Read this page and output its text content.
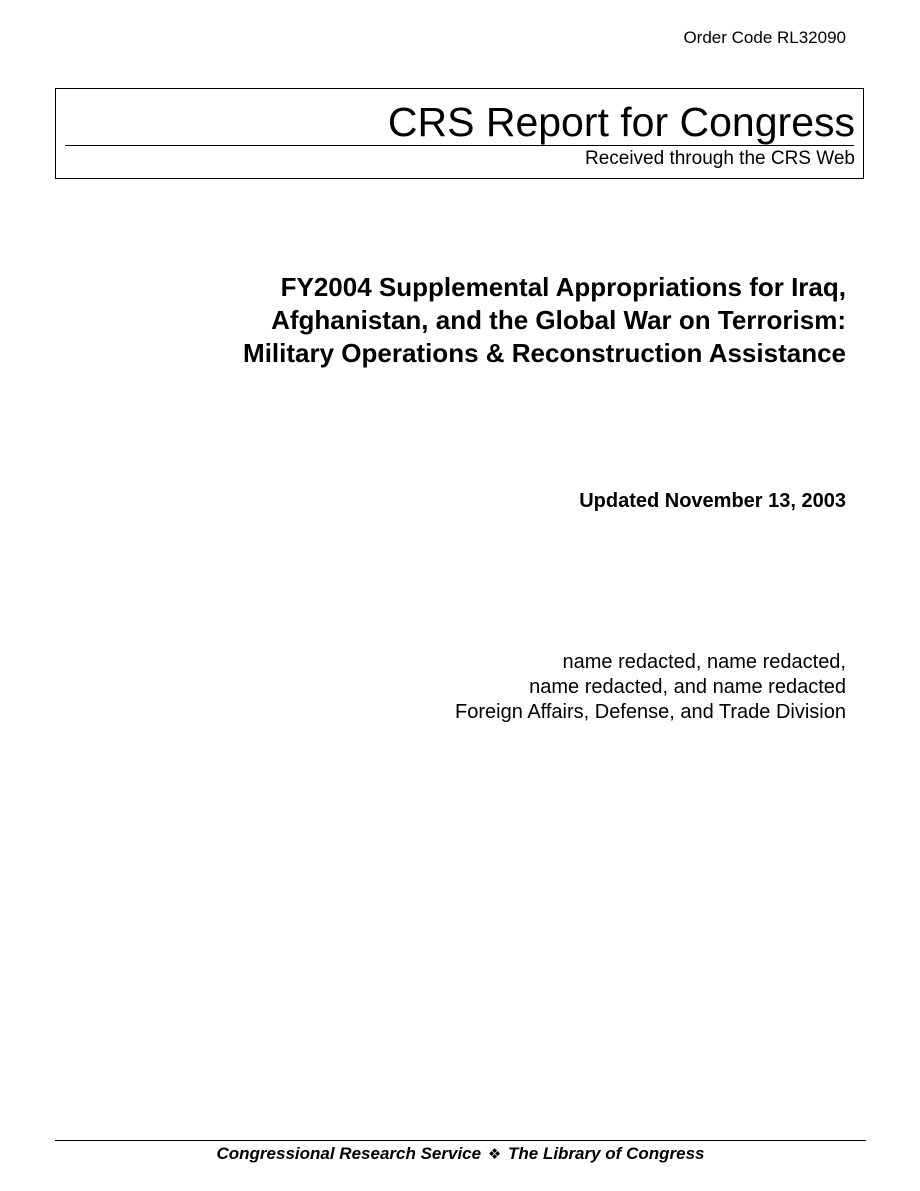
Order Code RL32090
CRS Report for Congress
Received through the CRS Web
FY2004 Supplemental Appropriations for Iraq,
Afghanistan, and the Global War on Terrorism:
Military Operations & Reconstruction Assistance
Updated November 13, 2003
name redacted, name redacted,
name redacted, and name redacted
Foreign Affairs, Defense, and Trade Division
Congressional Research Service ❖ The Library of Congress
